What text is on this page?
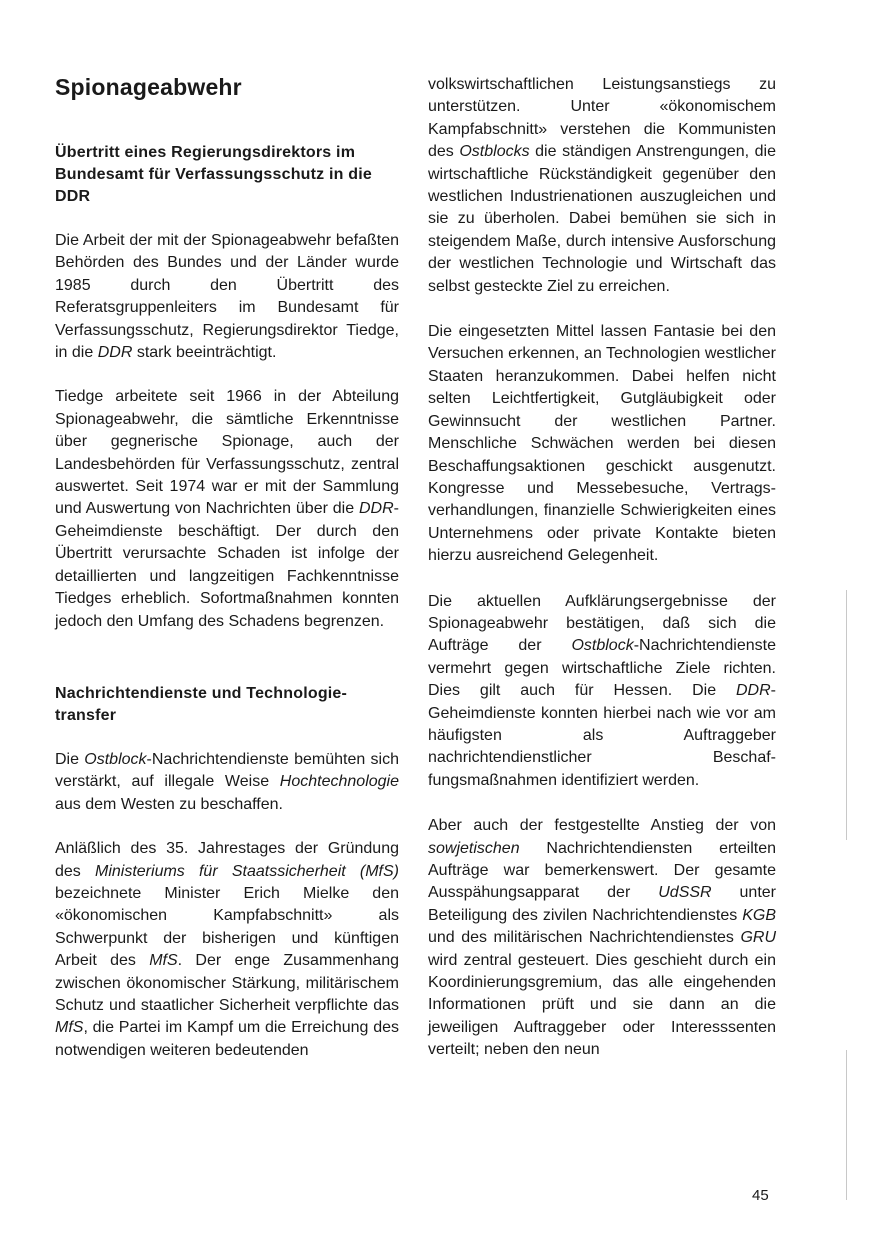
Spionageabwehr
Übertritt eines Regierungsdirektors im Bundesamt für Verfassungsschutz in die DDR

Die Arbeit der mit der Spionageabwehr befaßten Behörden des Bundes und der Länder wurde 1985 durch den Übertritt des Referatsgruppenleiters im Bundesamt für Verfassungsschutz, Regierungsdirektor Tiedge, in die DDR stark beeinträchtigt.

Tiedge arbeitete seit 1966 in der Abteilung Spionageabwehr, die sämtliche Erkenntnisse über gegnerische Spionage, auch der Landesbehörden für Verfassungsschutz, zentral auswertet. Seit 1974 war er mit der Sammlung und Auswertung von Nachrichten über die DDR-Geheimdienste beschäftigt. Der durch den Übertritt verursachte Schaden ist infolge der detaillierten und langzeitigen Fachkenntnisse Tiedges erheblich. Sofortmaßnahmen konnten jedoch den Umfang des Schadens begrenzen.

Nachrichtendienste und Technologietransfer

Die Ostblock-Nachrichtendienste bemühten sich verstärkt, auf illegale Weise Hochtechnologie aus dem Westen zu beschaffen.

Anläßlich des 35. Jahrestages der Gründung des Ministeriums für Staatssicherheit (MfS) bezeichnete Minister Erich Mielke den «ökonomischen Kampfabschnitt» als Schwerpunkt der bisherigen und künftigen Arbeit des MfS. Der enge Zusammenhang zwischen ökonomischer Stärkung, militärischem Schutz und staatlicher Sicherheit verpflichte das MfS, die Partei im Kampf um die Erreichung des notwendigen weiteren bedeutenden

volkswirtschaftlichen Leistungsanstiegs zu unterstützen. Unter «ökonomischem Kampfabschnitt» verstehen die Kommunisten des Ostblocks die ständigen Anstrengungen, die wirtschaftliche Rückständigkeit gegenüber den westlichen Industrienationen auszugleichen und sie zu überholen. Dabei bemühen sie sich in steigendem Maße, durch intensive Ausforschung der westlichen Technologie und Wirtschaft das selbst gesteckte Ziel zu erreichen.

Die eingesetzten Mittel lassen Fantasie bei den Versuchen erkennen, an Technologien westlicher Staaten heranzukommen. Dabei helfen nicht selten Leichtfertigkeit, Gutgläubigkeit oder Gewinnsucht der westlichen Partner. Menschliche Schwächen werden bei diesen Beschaffungsaktionen geschickt ausgenutzt. Kongresse und Messebesuche, Vertragsverhandlungen, finanzielle Schwierigkeiten eines Unternehmens oder private Kontakte bieten hierzu ausreichend Gelegenheit.

Die aktuellen Aufklärungsergebnisse der Spionageabwehr bestätigen, daß sich die Aufträge der Ostblock-Nachrichtendienste vermehrt gegen wirtschaftliche Ziele richten. Dies gilt auch für Hessen. Die DDR-Geheimdienste konnten hierbei nach wie vor am häufigsten als Auftraggeber nachrichtendienstlicher Beschaffungsmaßnahmen identifiziert werden.

Aber auch der festgestellte Anstieg der von sowjetischen Nachrichtendiensten erteilten Aufträge war bemerkenswert. Der gesamte Ausspähungsapparat der UdSSR unter Beteiligung des zivilen Nachrichtendienstes KGB und des militärischen Nachrichtendienstes GRU wird zentral gesteuert. Dies geschieht durch ein Koordinierungsgremium, das alle eingehenden Informationen prüft und sie dann an die jeweiligen Auftraggeber oder Interesssenten verteilt; neben den neun

45
